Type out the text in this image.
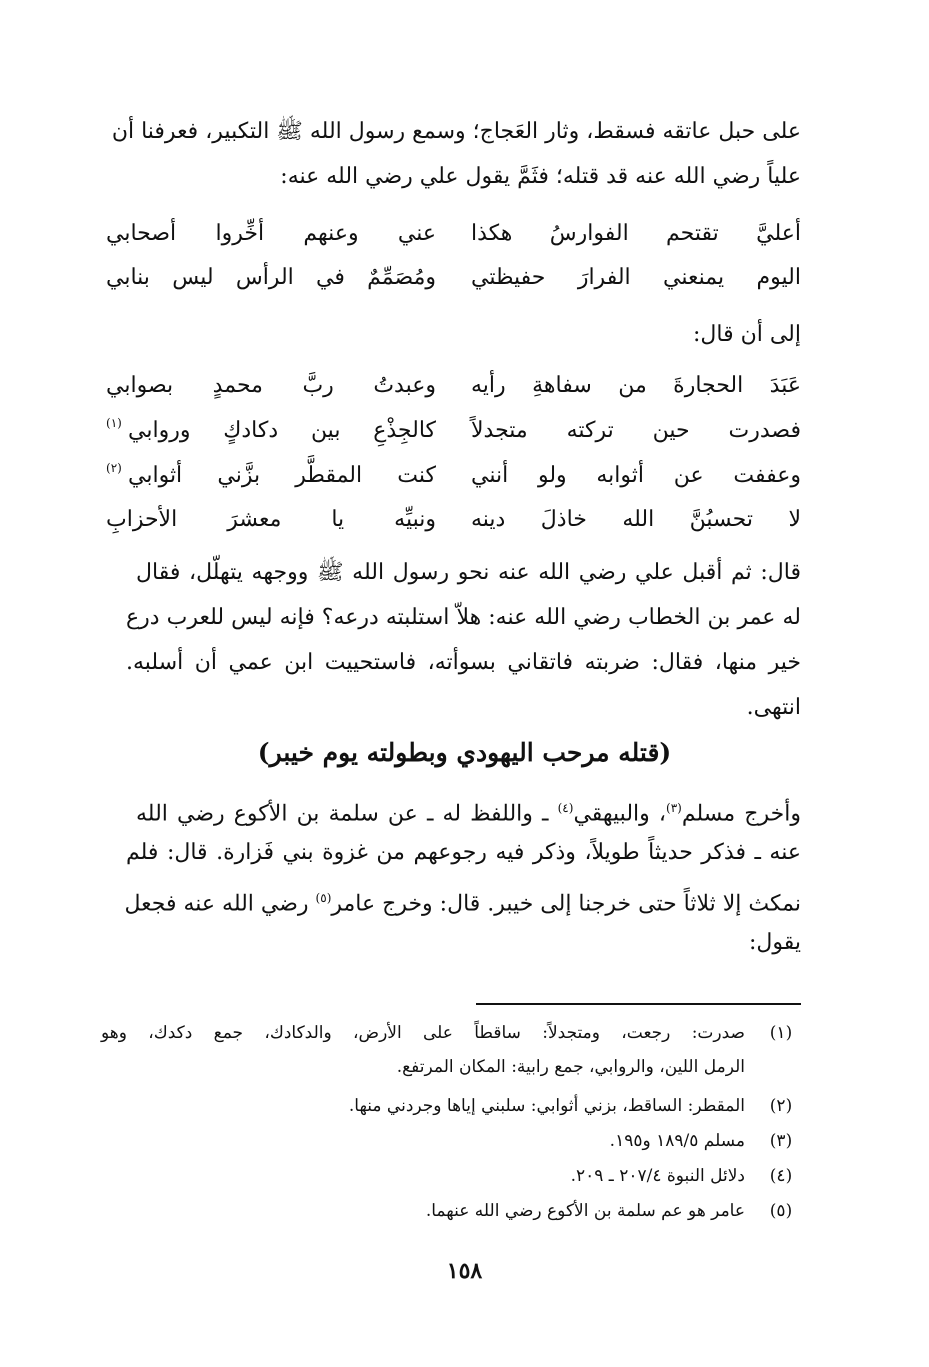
على حبل عاتقه فسقط، وثار العَجاج؛ وسمع رسول الله ﷺ التكبير، فعرفنا أن
علياً رضي الله عنه قد قتله؛ فثَمَّ يقول علي رضي الله عنه:
أعليَّ تقتحم الفوارسُ هكذا
عني وعنهم أخِّروا أصحابي
اليوم يمنعني الفرارَ حفيظتي
ومُصَمِّمٌ في الرأس ليس بنابي
إلى أن قال:
عَبَدَ الحجارةَ من سفاهةِ رأيه
وعبدتُ ربَّ محمدٍ بصوابي
فصدرت حين تركته متجدلاً
كالجِذْعِ بين دكادكٍ وروابي
(١)
وعففت عن أثوابه ولو أنني
كنت المقطَّر بزَّني أثوابي
(٢)
لا تحسبُنَّ الله خاذلَ دينه
ونبيِّه يا معشرَ الأحزابِ
قال: ثم أقبل علي رضي الله عنه نحو رسول الله ﷺ ووجهه يتهلّل، فقال
له عمر بن الخطاب رضي الله عنه: هلاّ استلبته درعه؟ فإنه ليس للعرب درع
خير منها، فقال: ضربته فاتقاني بسوأته، فاستحييت ابن عمي أن أسلبه.
انتهى.
(قتله مرحب اليهودي وبطولته يوم خيبر)
وأخرج مسلم$^{(٣)}$، والبيهقي$^{(٤)}$ ـ واللفظ له ـ عن سلمة بن الأكوع رضي الله
عنه ـ فذكر حديثاً طويلاً، وذكر فيه رجوعهم من غزوة بني فَزارة. قال: فلم
نمكث إلا ثلاثاً حتى خرجنا إلى خيبر. قال: وخرج عامر$^{(٥)}$ رضي الله عنه فجعل
يقول:
(١)
صدرت: رجعت، ومتجدلاً: ساقطاً على الأرض، والدكادك، جمع دكدك، وهو
الرمل اللين، والروابي، جمع رابية: المكان المرتفع.
(٢)
المقطر: الساقط، بزني أثوابي: سلبني إياها وجردني منها.
(٣)
مسلم ١٨٩/٥ و١٩٥.
(٤)
دلائل النبوة ٢٠٧/٤ ـ ٢٠٩.
(٥)
عامر هو عم سلمة بن الأكوع رضي الله عنهما.
١٥٨
